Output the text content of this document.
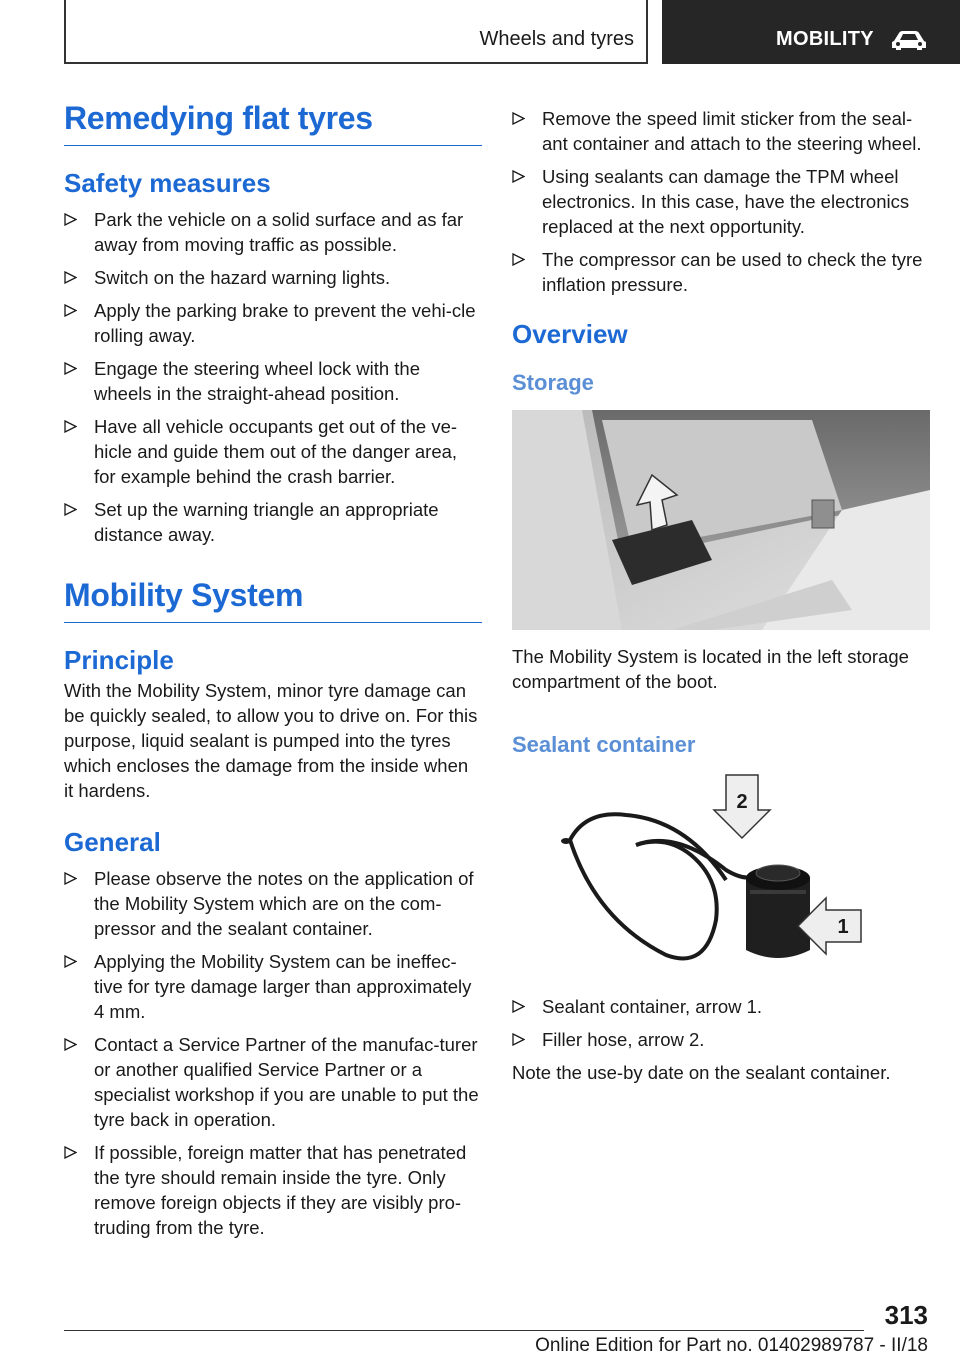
Wheels and tyres	MOBILITY
Remedying flat tyres
Safety measures
Park the vehicle on a solid surface and as far away from moving traffic as possible.
Switch on the hazard warning lights.
Apply the parking brake to prevent the vehi-cle rolling away.
Engage the steering wheel lock with the wheels in the straight-ahead position.
Have all vehicle occupants get out of the ve-hicle and guide them out of the danger area, for example behind the crash barrier.
Set up the warning triangle an appropriate distance away.
Mobility System
Principle

With the Mobility System, minor tyre damage can be quickly sealed, to allow you to drive on. For this purpose, liquid sealant is pumped into the tyres which encloses the damage from the inside when it hardens.

General
Please observe the notes on the application of the Mobility System which are on the com-pressor and the sealant container.
Applying the Mobility System can be ineffec-tive for tyre damage larger than approximately 4 mm.
Contact a Service Partner of the manufac-turer or another qualified Service Partner or a specialist workshop if you are unable to put the tyre back in operation.
If possible, foreign matter that has penetrated the tyre should remain inside the tyre. Only remove foreign objects if they are visibly pro-truding from the tyre.
Remove the speed limit sticker from the seal-ant container and attach to the steering wheel.
Using sealants can damage the TPM wheel electronics. In this case, have the electronics replaced at the next opportunity.
The compressor can be used to check the tyre inflation pressure.
Overview
Storage

The Mobility System is located in the left storage compartment of the boot.

Sealant container
2
1
Sealant container, arrow 1.
Filler hose, arrow 2.

Note the use-by date on the sealant container.

313
Online Edition for Part no. 01402989787 - II/18
